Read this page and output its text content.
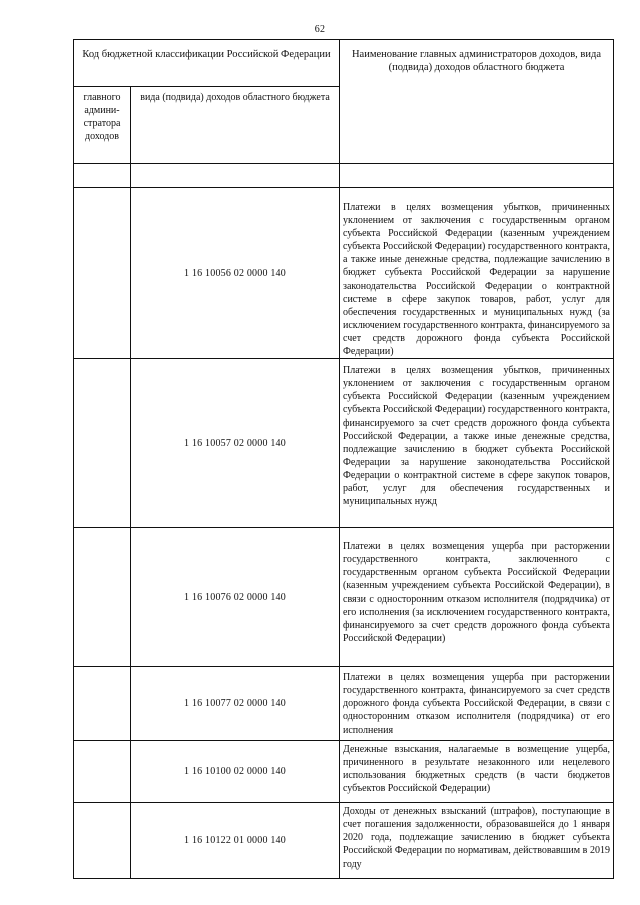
62
Код бюджетной классификации Российской Федерации		Наименование главных администраторов доходов, вида (подвида) доходов областного бюджета
главного админи-стратора доходов	вида (подвида) доходов областного бюджета	

	1 16 10056 02 0000 140	Платежи в целях возмещения убытков, причиненных уклонением от заключения с государственным органом субъекта Российской Федерации (казенным учреждением субъекта Российской Федерации) государственного контракта, а также иные денежные средства, подлежащие зачислению в бюджет субъекта Российской Федерации за нарушение законодательства Российской Федерации о контрактной системе в сфере закупок товаров, работ, услуг для обеспечения государственных и муниципальных нужд (за исключением государственного контракта, финансируемого за счет средств дорожного фонда субъекта Российской Федерации)

	1 16 10057 02 0000 140	Платежи в целях возмещения убытков, причиненных уклонением от заключения с государственным органом субъекта Российской Федерации (казенным учреждением субъекта Российской Федерации) государственного контракта, финансируемого за счет средств дорожного фонда субъекта Российской Федерации, а также иные денежные средства, подлежащие зачислению в бюджет субъекта Российской Федерации за нарушение законодательства Российской Федерации о контрактной системе в сфере закупок товаров, работ, услуг для обеспечения государственных и муниципальных нужд

	1 16 10076 02 0000 140	Платежи в целях возмещения ущерба при расторжении государственного контракта, заключенного с государственным органом субъекта Российской Федерации (казенным учреждением субъекта Российской Федерации), в связи с односторонним отказом исполнителя (подрядчика) от его исполнения (за исключением государственного контракта, финансируемого за счет средств дорожного фонда субъекта Российской Федерации)

	1 16 10077 02 0000 140	Платежи в целях возмещения ущерба при расторжении государственного контракта, финансируемого за счет средств дорожного фонда субъекта Российской Федерации, в связи с односторонним отказом исполнителя (подрядчика) от его исполнения

	1 16 10100 02 0000 140	Денежные взыскания, налагаемые в возмещение ущерба, причиненного в результате незаконного или нецелевого использования бюджетных средств (в части бюджетов субъектов Российской Федерации)

	1 16 10122 01 0000 140	Доходы от денежных взысканий (штрафов), поступающие в счет погашения задолженности, образовавшейся до 1 января 2020 года, подлежащие зачислению в бюджет субъекта Российской Федерации по нормативам, действовавшим в 2019 году
